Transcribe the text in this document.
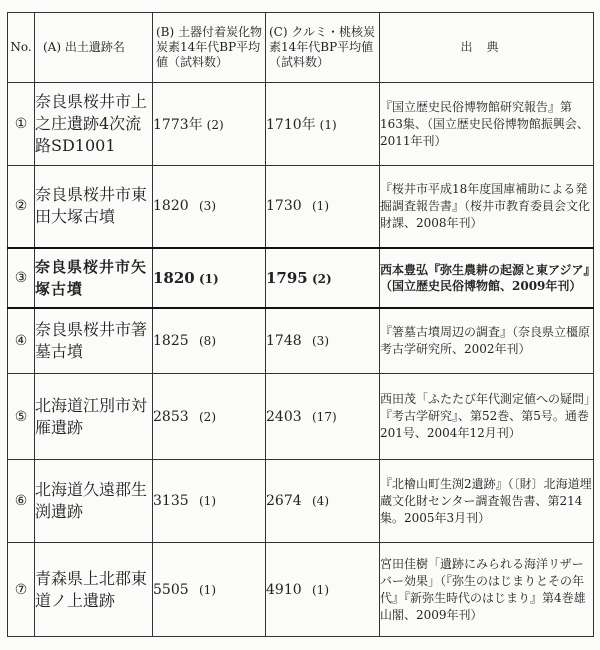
No.	(A) 出土遺跡名	(B) 土器付着炭化物炭素14年代BP平均値（試料数）	(C) クルミ・桃核炭素14年代BP平均値（試料数）	出典
①	奈良県桜井市上之庄遺跡4次流路SD1001	1773年 (2)	1710年 (1)	『国立歴史民俗博物館研究報告』第163集、（国立歴史民俗博物館振興会、2011年刊）
②	奈良県桜井市東田大塚古墳	1820 (3)	1730 (1)	『桜井市平成18年度国庫補助による発掘調査報告書』（桜井市教育委員会文化財課、2008年刊）
③	奈良県桜井市矢塚古墳	1820 (1)	1795 (2)	西本豊弘『弥生農耕の起源と東アジア』（国立歴史民俗博物館、2009年刊）
④	奈良県桜井市箸墓古墳	1825 (8)	1748 (3)	『箸墓古墳周辺の調査』（奈良県立橿原考古学研究所、2002年刊）
⑤	北海道江別市対雁遺跡	2853 (2)	2403 (17)	西田茂「ふたたび年代測定値への疑問」『考古学研究』、第52巻、第5号。通巻201号、2004年12月刊）
⑥	北海道久遠郡生渕遺跡	3135 (1)	2674 (4)	『北檜山町生渕2遺跡』（〔財〕北海道埋蔵文化財センター調査報告書、第214集。2005年3月刊）
⑦	青森県上北郡東道ノ上遺跡	5505 (1)	4910 (1)	宮田佳樹「遺跡にみられる海洋リザーバー効果」（『弥生のはじまりとその年代』『新弥生時代のはじまり』第4巻雄山閣、2009年刊）
